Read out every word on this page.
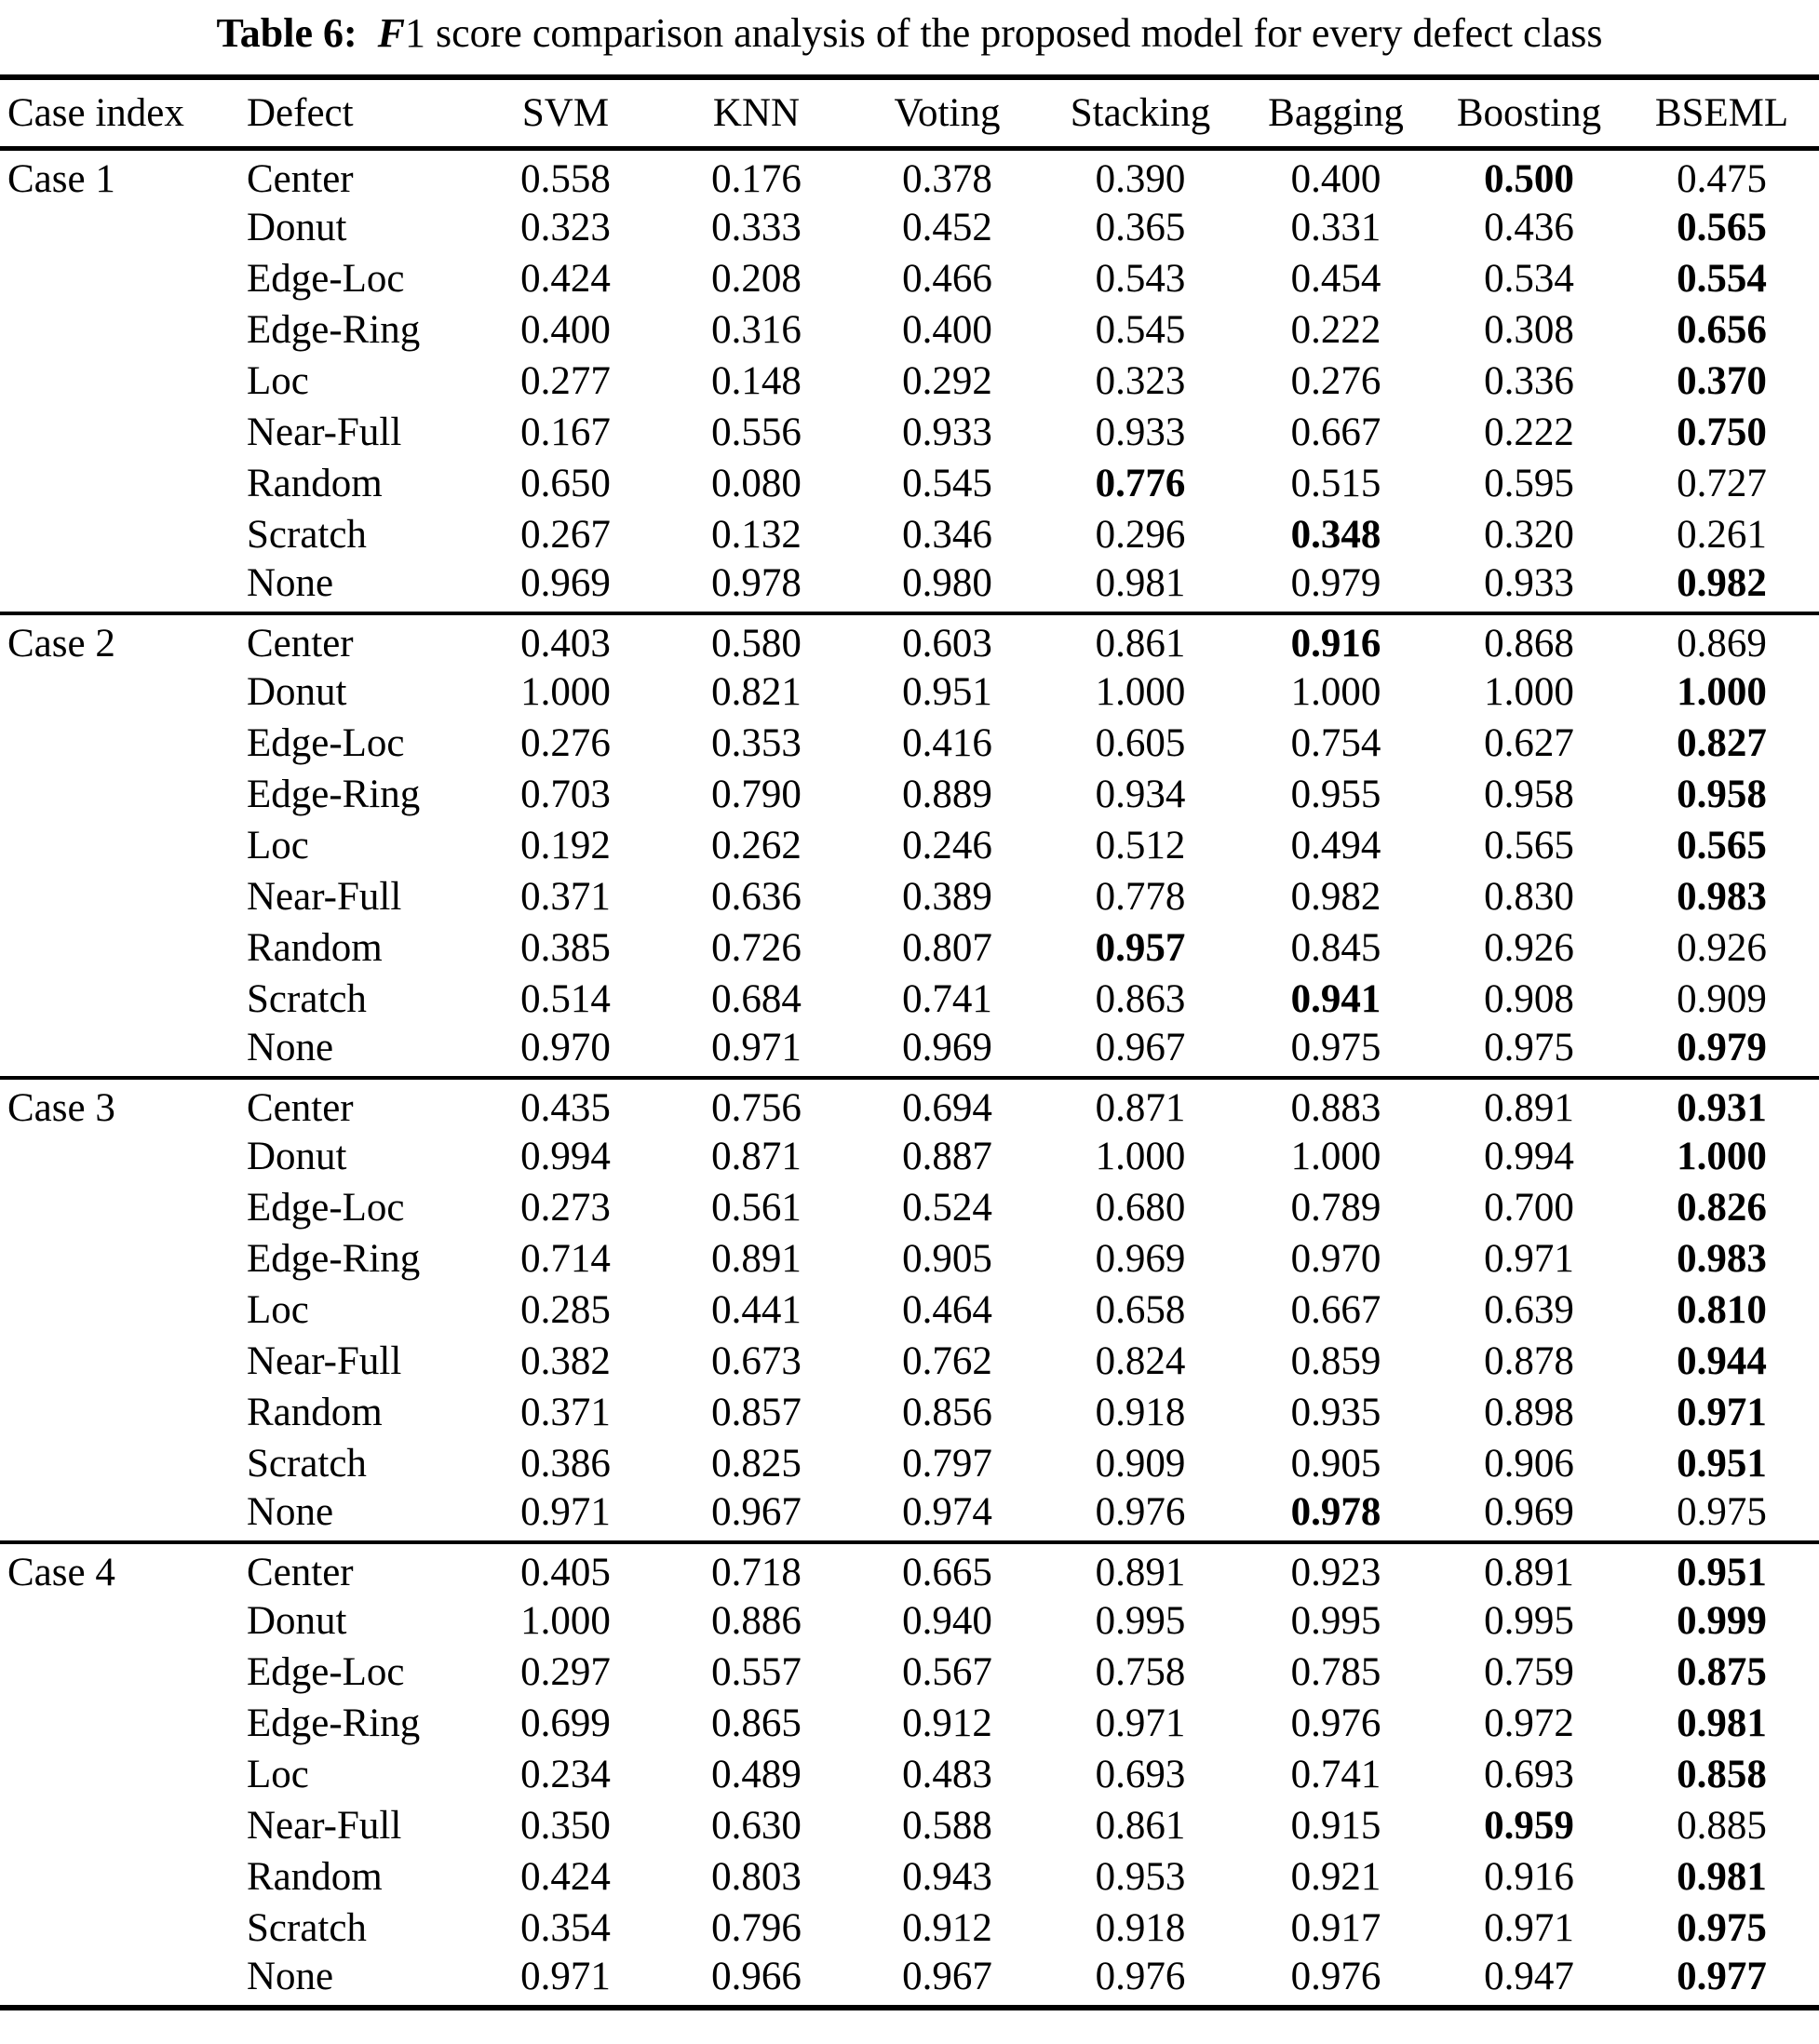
Table 6: F1 score comparison analysis of the proposed model for every defect class
Case index	Defect	SVM	KNN	Voting	Stacking	Bagging	Boosting	BSEML
Case 1	Center	0.558	0.176	0.378	0.390	0.400	0.500	0.475
	Donut	0.323	0.333	0.452	0.365	0.331	0.436	0.565
	Edge-Loc	0.424	0.208	0.466	0.543	0.454	0.534	0.554
	Edge-Ring	0.400	0.316	0.400	0.545	0.222	0.308	0.656
	Loc	0.277	0.148	0.292	0.323	0.276	0.336	0.370
	Near-Full	0.167	0.556	0.933	0.933	0.667	0.222	0.750
	Random	0.650	0.080	0.545	0.776	0.515	0.595	0.727
	Scratch	0.267	0.132	0.346	0.296	0.348	0.320	0.261
	None	0.969	0.978	0.980	0.981	0.979	0.933	0.982
Case 2	Center	0.403	0.580	0.603	0.861	0.916	0.868	0.869
	Donut	1.000	0.821	0.951	1.000	1.000	1.000	1.000
	Edge-Loc	0.276	0.353	0.416	0.605	0.754	0.627	0.827
	Edge-Ring	0.703	0.790	0.889	0.934	0.955	0.958	0.958
	Loc	0.192	0.262	0.246	0.512	0.494	0.565	0.565
	Near-Full	0.371	0.636	0.389	0.778	0.982	0.830	0.983
	Random	0.385	0.726	0.807	0.957	0.845	0.926	0.926
	Scratch	0.514	0.684	0.741	0.863	0.941	0.908	0.909
	None	0.970	0.971	0.969	0.967	0.975	0.975	0.979
Case 3	Center	0.435	0.756	0.694	0.871	0.883	0.891	0.931
	Donut	0.994	0.871	0.887	1.000	1.000	0.994	1.000
	Edge-Loc	0.273	0.561	0.524	0.680	0.789	0.700	0.826
	Edge-Ring	0.714	0.891	0.905	0.969	0.970	0.971	0.983
	Loc	0.285	0.441	0.464	0.658	0.667	0.639	0.810
	Near-Full	0.382	0.673	0.762	0.824	0.859	0.878	0.944
	Random	0.371	0.857	0.856	0.918	0.935	0.898	0.971
	Scratch	0.386	0.825	0.797	0.909	0.905	0.906	0.951
	None	0.971	0.967	0.974	0.976	0.978	0.969	0.975
Case 4	Center	0.405	0.718	0.665	0.891	0.923	0.891	0.951
	Donut	1.000	0.886	0.940	0.995	0.995	0.995	0.999
	Edge-Loc	0.297	0.557	0.567	0.758	0.785	0.759	0.875
	Edge-Ring	0.699	0.865	0.912	0.971	0.976	0.972	0.981
	Loc	0.234	0.489	0.483	0.693	0.741	0.693	0.858
	Near-Full	0.350	0.630	0.588	0.861	0.915	0.959	0.885
	Random	0.424	0.803	0.943	0.953	0.921	0.916	0.981
	Scratch	0.354	0.796	0.912	0.918	0.917	0.971	0.975
	None	0.971	0.966	0.967	0.976	0.976	0.947	0.977
